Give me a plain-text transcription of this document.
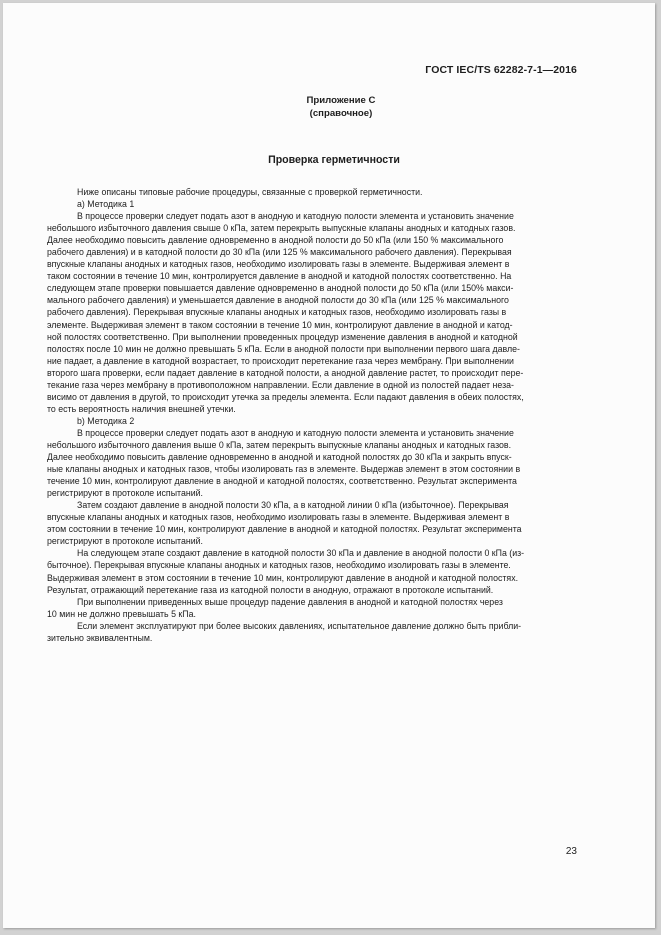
ГОСТ IEC/TS 62282-7-1—2016
Приложение С
(справочное)
Проверка герметичности
Ниже описаны типовые рабочие процедуры, связанные с проверкой герметичности.
a) Методика 1
В процессе проверки следует подать азот в анодную и катодную полости элемента и установить значение
небольшого избыточного давления свыше 0 кПа, затем перекрыть выпускные клапаны анодных и катодных газов.
Далее необходимо повысить давление одновременно в анодной полости до 50 кПа (или 150 % максимального
рабочего давления) и в катодной полости до 30 кПа (или 125 % максимального рабочего давления). Перекрывая
впускные клапаны анодных и катодных газов, необходимо изолировать газы в элементе. Выдерживая элемент в
таком состоянии в течение 10 мин, контролируется давление в анодной и катодной полостях соответственно. На
следующем этапе проверки повышается давление одновременно в анодной полости до 50 кПа (или 150% макси-
мального рабочего давления) и уменьшается давление в анодной полости до 30 кПа (или 125 % максимального
рабочего давления). Перекрывая впускные клапаны анодных и катодных газов, необходимо изолировать газы в
элементе. Выдерживая элемент в таком состоянии в течение 10 мин, контролируют давление в анодной и катод-
ной полостях соответственно. При выполнении проведенных процедур изменение давления в анодной и катодной
полостях после 10 мин не должно превышать 5 кПа. Если в анодной полости при выполнении первого шага давле-
ние падает, а давление в катодной возрастает, то происходит перетекание газа через мембрану. При выполнении
второго шага проверки, если падает давление в катодной полости, а анодной давление растет, то происходит пере-
текание газа через мембрану в противоположном направлении. Если давление в одной из полостей падает неза-
висимо от давления в другой, то происходит утечка за пределы элемента. Если падают давления в обеих полостях,
то есть вероятность наличия внешней утечки.
b) Методика 2
В процессе проверки следует подать азот в анодную и катодную полости элемента и установить значение
небольшого избыточного давления выше 0 кПа, затем перекрыть выпускные клапаны анодных и катодных газов.
Далее необходимо повысить давление одновременно в анодной и катодной полостях до 30 кПа и закрыть впуск-
ные клапаны анодных и катодных газов, чтобы изолировать газ в элементе. Выдержав элемент в этом состоянии в
течение 10 мин, контролируют давление в анодной и катодной полостях, соответственно. Результат эксперимента
регистрируют в протоколе испытаний.
Затем создают давление в анодной полости 30 кПа, а в катодной линии 0 кПа (избыточное). Перекрывая
впускные клапаны анодных и катодных газов, необходимо изолировать газы в элементе. Выдерживая элемент в
этом состоянии в течение 10 мин, контролируют давление в анодной и катодной полостях. Результат эксперимента
регистрируют в протоколе испытаний.
На следующем этапе создают давление в катодной полости 30 кПа и давление в анодной полости 0 кПа (из-
быточное). Перекрывая впускные клапаны анодных и катодных газов, необходимо изолировать газы в элементе.
Выдерживая элемент в этом состоянии в течение 10 мин, контролируют давление в анодной и катодной полостях.
Результат, отражающий перетекание газа из катодной полости в анодную, отражают в протоколе испытаний.
При выполнении приведенных выше процедур падение давления в анодной и катодной полостях через
10 мин не должно превышать 5 кПа.
Если элемент эксплуатируют при более высоких давлениях, испытательное давление должно быть прибли-
зительно эквивалентным.
23
